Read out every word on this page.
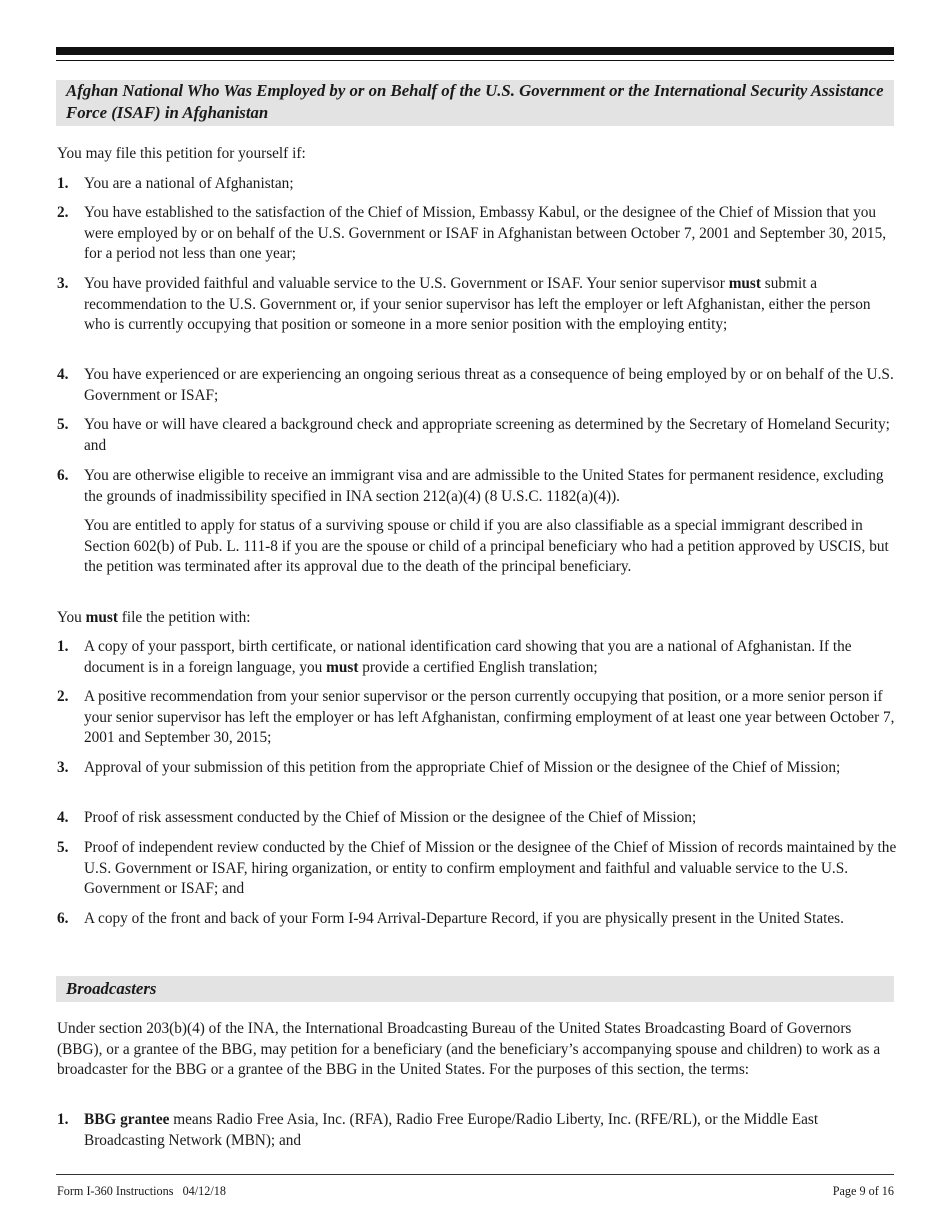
Afghan National Who Was Employed by or on Behalf of the U.S. Government or the International Security Assistance Force (ISAF) in Afghanistan

You may file this petition for yourself if:

1.	You are a national of Afghanistan;
2.	You have established to the satisfaction of the Chief of Mission, Embassy Kabul, or the designee of the Chief of Mission that you were employed by or on behalf of the U.S. Government or ISAF in Afghanistan between October 7, 2001 and September 30, 2015, for a period not less than one year;
3.	You have provided faithful and valuable service to the U.S. Government or ISAF. Your senior supervisor must submit a recommendation to the U.S. Government or, if your senior supervisor has left the employer or left Afghanistan, either the person who is currently occupying that position or someone in a more senior position with the employing entity;
4.	You have experienced or are experiencing an ongoing serious threat as a consequence of being employed by or on behalf of the U.S. Government or ISAF;
5.	You have or will have cleared a background check and appropriate screening as determined by the Secretary of Homeland Security; and
6.	You are otherwise eligible to receive an immigrant visa and are admissible to the United States for permanent residence, excluding the grounds of inadmissibility specified in INA section 212(a)(4) (8 U.S.C. 1182(a)(4)).

You are entitled to apply for status of a surviving spouse or child if you are also classifiable as a special immigrant described in Section 602(b) of Pub. L. 111-8 if you are the spouse or child of a principal beneficiary who had a petition approved by USCIS, but the petition was terminated after its approval due to the death of the principal beneficiary.

You must file the petition with:

1.	A copy of your passport, birth certificate, or national identification card showing that you are a national of Afghanistan. If the document is in a foreign language, you must provide a certified English translation;
2.	A positive recommendation from your senior supervisor or the person currently occupying that position, or a more senior person if your senior supervisor has left the employer or has left Afghanistan, confirming employment of at least one year between October 7, 2001 and September 30, 2015;
3.	Approval of your submission of this petition from the appropriate Chief of Mission or the designee of the Chief of Mission;
4.	Proof of risk assessment conducted by the Chief of Mission or the designee of the Chief of Mission;
5.	Proof of independent review conducted by the Chief of Mission or the designee of the Chief of Mission of records maintained by the U.S. Government or ISAF, hiring organization, or entity to confirm employment and faithful and valuable service to the U.S. Government or ISAF; and
6.	A copy of the front and back of your Form I-94 Arrival-Departure Record, if you are physically present in the United States.
Broadcasters

Under section 203(b)(4) of the INA, the International Broadcasting Bureau of the United States Broadcasting Board of Governors (BBG), or a grantee of the BBG, may petition for a beneficiary (and the beneficiary’s accompanying spouse and children) to work as a broadcaster for the BBG or a grantee of the BBG in the United States. For the purposes of this section, the terms:

1.	BBG grantee means Radio Free Asia, Inc. (RFA), Radio Free Europe/Radio Liberty, Inc. (RFE/RL), or the Middle East Broadcasting Network (MBN); and
Form I-360 Instructions   04/12/18	Page 9 of 16
